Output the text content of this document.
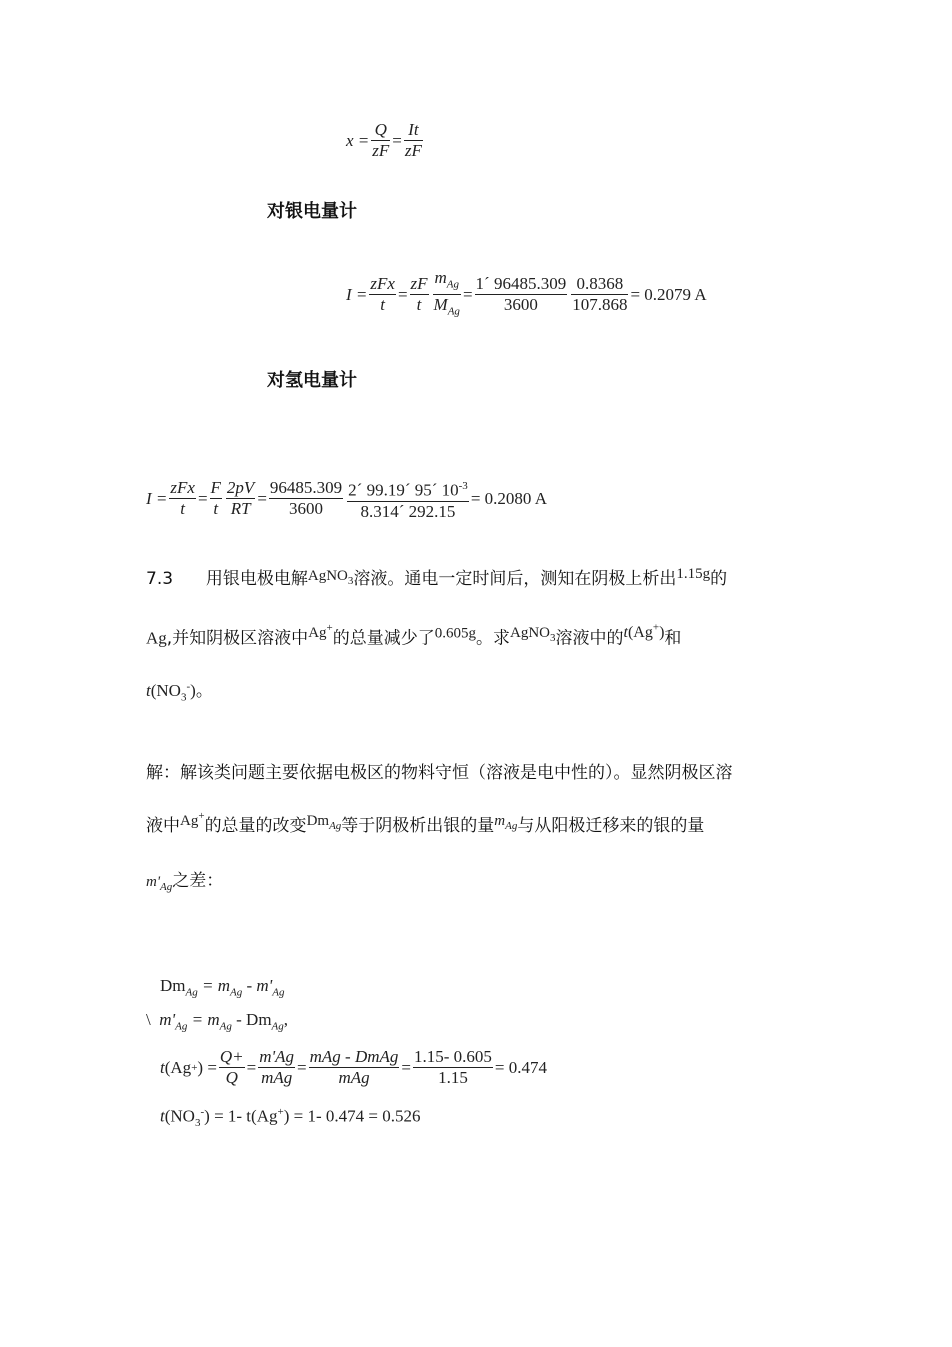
$x = \frac{Q}{zF} = \frac{It}{zF}$
对银电量计
$I = \frac{\text{zFx}}{t} = \frac{zF}{t} \frac{m_{Ag}}{M_{Ag}} = \frac{1´ 96485.309}{3600} \frac{0.8368}{107.868} = 0.2079$ A
对氢电量计
$I = \frac{\text{zFx}}{t} = \frac{F}{t} \frac{2pV}{RT} = \frac{96485.309}{3600} \frac{2´ 99.19´ 95´ 10^{-3}}{8.314´ 292.15} = 0.2080$ A
7.3 用银电极电解AgNO$_3$溶液。通电一定时间后，测知在阴极上析出1.15g的
Ag,并知阴极区溶液中Ag+的总量减少了0.605g。求AgNO$_3$溶液中的t(Ag+)和
$t(NO_3^-)$。
解：解该类问题主要依据电极区的物料守恒（溶液是电中性的）。显然阴极区溶
液中Ag+的总量的改变$Dm_{Ag}$等于阴极析出银的量$m_{Ag}$与从阳极迁移来的银的量
$m'_{Ag}$之差：
$Dm_{Ag} = m_{Ag} - m'_{Ag}$
\ $m'_{Ag} = m_{Ag} - Dm_{Ag}$,
t ( Ag + ) = $\frac{Q+}{Q} = \frac{m'Ag}{\text{mAg}} = \frac{\text{mAg - DmAg}}{\text{mAg}} = \frac{1.15- 0.605}{1.15} = 0.474$
$t(NO_3^-) = 1-$ t(Ag+) = 1- 0.474 = 0.526
